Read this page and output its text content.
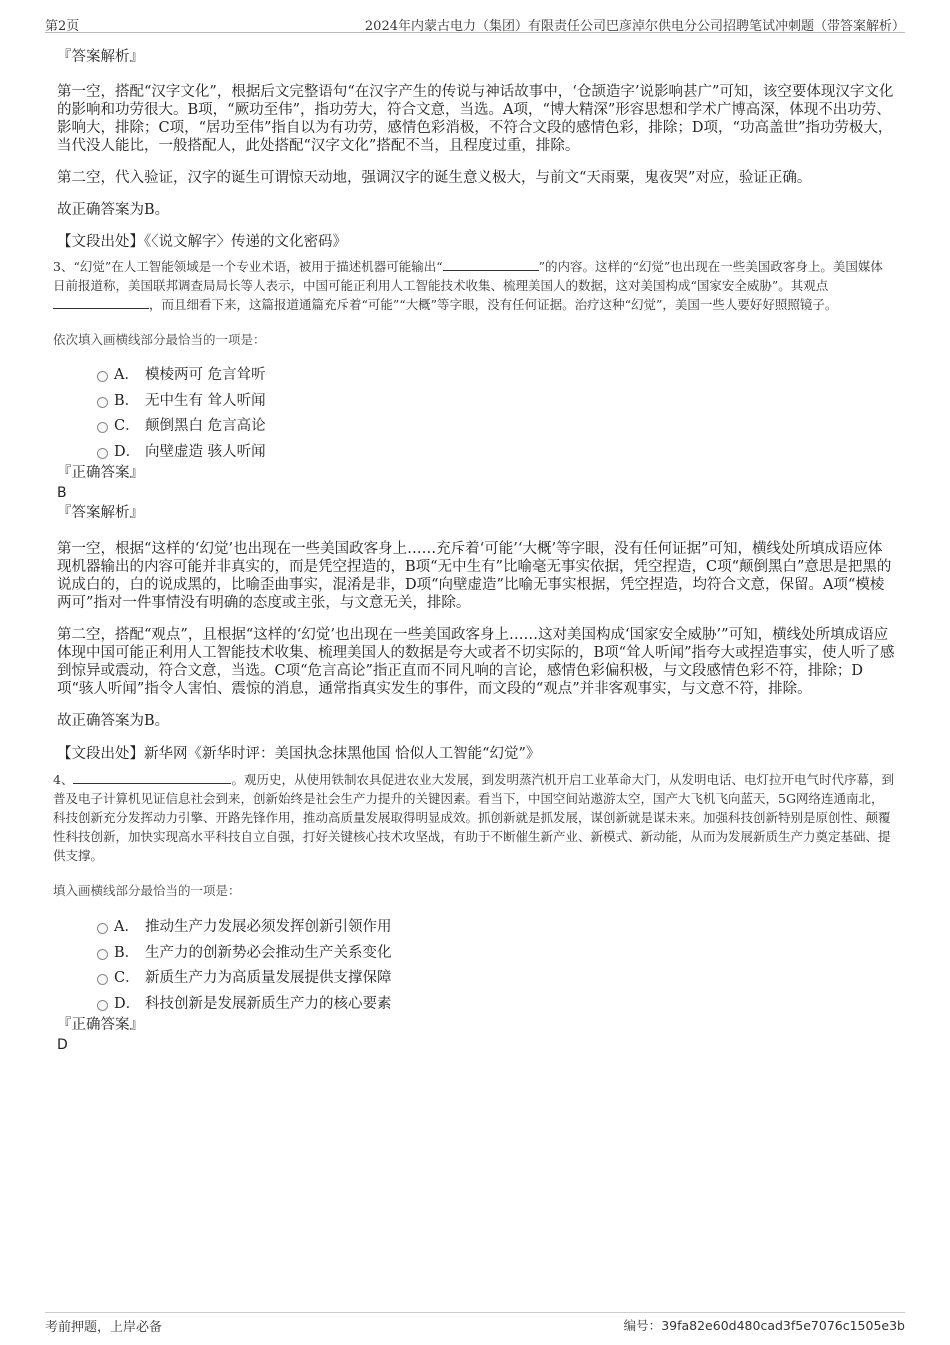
第2页	2024年内蒙古电力（集团）有限责任公司巴彦淖尔供电分公司招聘笔试冲刺题（带答案解析）

『答案解析』

第一空，搭配“汉字文化”，根据后文完整语句“在汉字产生的传说与神话故事中，‘仓颉造字’说影响甚广”可知，该空要体现汉字文化的影响和功劳很大。B项，“厥功至伟”，指功劳大，符合文意，当选。A项，“博大精深”形容思想和学术广博高深，体现不出功劳、影响大，排除；C项，“居功至伟”指自以为有功劳，感情色彩消极，不符合文段的感情色彩，排除；D项，“功高盖世”指功劳极大，当代没人能比，一般搭配人，此处搭配“汉字文化”搭配不当，且程度过重，排除。

第二空，代入验证，汉字的诞生可谓惊天动地，强调汉字的诞生意义极大，与前文“天雨粟，鬼夜哭”对应，验证正确。

故正确答案为B。

【文段出处】《〈说文解字〉传递的文化密码》

3、“幻觉”在人工智能领域是一个专业术语，被用于描述机器可能输出“	”的内容。这样的“幻觉”也出现在一些美国政客身上。美国媒体日前报道称，美国联邦调查局局长等人表示，中国可能正利用人工智能技术收集、梳理美国人的数据，这对美国构成“国家安全威胁”。其观点，而且细看下来，这篇报道通篇充斥着“可能”“大概”等字眼，没有任何证据。治疗这种“幻觉”，美国一些人要好好照照镜子。

依次填入画横线部分最恰当的一项是：

A． 模棱两可 危言耸听
B． 无中生有 耸人听闻
C． 颠倒黑白 危言高论
D． 向壁虚造 骇人听闻

『正确答案』

B

『答案解析』

第一空，根据“这样的‘幻觉’也出现在一些美国政客身上……充斥着‘可能’‘大概’等字眼，没有任何证据”可知，横线处所填成语应体现机器输出的内容可能并非真实的，而是凭空捏造的，B项“无中生有”比喻毫无事实依据，凭空捏造，C项“颠倒黑白”意思是把黑的说成白的，白的说成黑的，比喻歪曲事实，混淆是非，D项“向壁虚造”比喻无事实根据，凭空捏造，均符合文意，保留。A项“模棱两可”指对一件事情没有明确的态度或主张，与文意无关，排除。

第二空，搭配“观点”，且根据“这样的‘幻觉’也出现在一些美国政客身上……这对美国构成‘国家安全威胁’”可知，横线处所填成语应体现中国可能正利用人工智能技术收集、梳理美国人的数据是夸大或者不切实际的，B项“耸人听闻”指夸大或捏造事实，使人听了感到惊异或震动，符合文意，当选。C项“危言高论”指正直而不同凡响的言论，感情色彩偏积极，与文段感情色彩不符，排除；D项“骇人听闻”指令人害怕、震惊的消息，通常指真实发生的事件，而文段的“观点”并非客观事实，与文意不符，排除。

故正确答案为B。

【文段出处】新华网《新华时评：美国执念抹黑他国 恰似人工智能“幻觉”》

4、	。观历史，从使用铁制农具促进农业大发展，到发明蒸汽机开启工业革命大门，从发明电话、电灯拉开电气时代序幕，到普及电子计算机见证信息社会到来，创新始终是社会生产力提升的关键因素。看当下，中国空间站遨游太空，国产大飞机飞向蓝天，5G网络连通南北，科技创新充分发挥动力引擎、开路先锋作用，推动高质量发展取得明显成效。抓创新就是抓发展，谋创新就是谋未来。加强科技创新特别是原创性、颠覆性科技创新，加快实现高水平科技自立自强，打好关键核心技术攻坚战，有助于不断催生新产业、新模式、新动能，从而为发展新质生产力奠定基础、提供支撑。

填入画横线部分最恰当的一项是：

A． 推动生产力发展必须发挥创新引领作用
B． 生产力的创新势必会推动生产关系变化
C． 新质生产力为高质量发展提供支撑保障
D． 科技创新是发展新质生产力的核心要素

『正确答案』

D

考前押题，上岸必备	编号：39fa82e60d480cad3f5e7076c1505e3b
